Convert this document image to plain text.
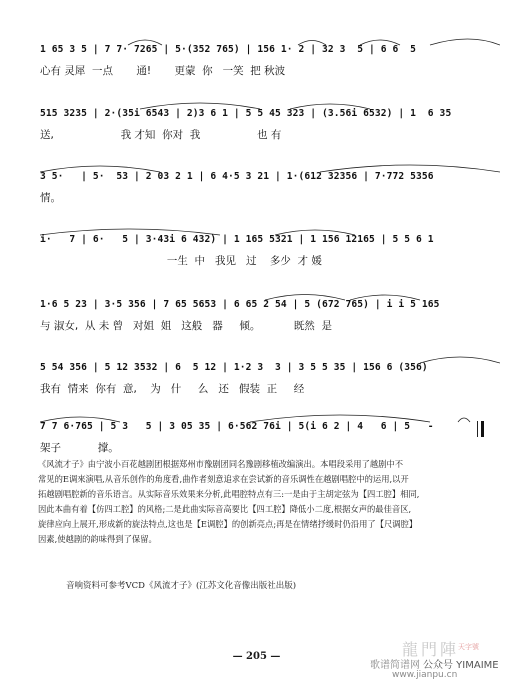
1 65 3 5 | 7 7· 7265 | 5·(352 765) | 156 1· 2 | 32 3  5 | 6 6  5
心有 灵犀  一点       通!       更蒙  你   一笑  把 秋波
515 3235 | 2·(35i 6543 | 2)3 6 1 | 5 5 45 323 | (3.56i 6532) | 1  6 35
送,                    我 才知  你对  我                 也 有
3 5·   | 5·  53 | 2 03 2 1 | 6 4·5 3 21 | 1·(612 32356 | 7·772 5356
情。
i·   7 | 6·   5 | 3·43i 6 432) | 1 165 5321 | 1 156 12165 | 5 5 6 1
一生  中   我见   过    多少  才 媛
1·6 5 23 | 3·5 356 | 7 65 5653 | 6 65 2 54 | 5 (672 765) | i i 5 165
与 淑女,  从 未 曾   对姐  姐   这般   器     倾。          既然  是
5 54 356 | 5 12 3532 | 6  5 12 | 1·2 3  3 | 3 5 5 35 | 156 6 (356)
我有  情来  你有  意,    为   什     么   还   假装  正     经
7 7 6·765 | 5 3   5 | 3 05 35 | 6·562 76i | 5(i 6 2 | 4   6 | 5   -
架子           撑。

《风流才子》由宁波小百花越剧团根据郑州市豫剧团同名豫剧移植改编演出。本唱段采用了越剧中不

常见的E调來演唱,从音乐创作的角度看,曲作者刻意追求在尝试新的音乐调性在越剧唱腔中的运用,以开

拓越剧唱腔新的音乐语言。从实际音乐效果来分析,此唱腔特点有三:一是由于主胡定弦为【四工腔】相同,

因此本曲有着【仿四工腔】的风格;二是此曲实际音高要比【四工腔】降低小二度,根据女声的最佳音区,

旋律应向上展开,形成新的旋法特点,这也是【E调腔】的创新亮点;再是在情绪抒缓时仍沿用了【尺调腔】

因素,使越剧的韵味得到了保留。

音响资料可参考VCD《风流才子》(江苏文化音像出版社出版)
— 205 —	龍門陣
天字號
歌谱简谱网 公众号 YIMAIME
www.jianpu.cn
